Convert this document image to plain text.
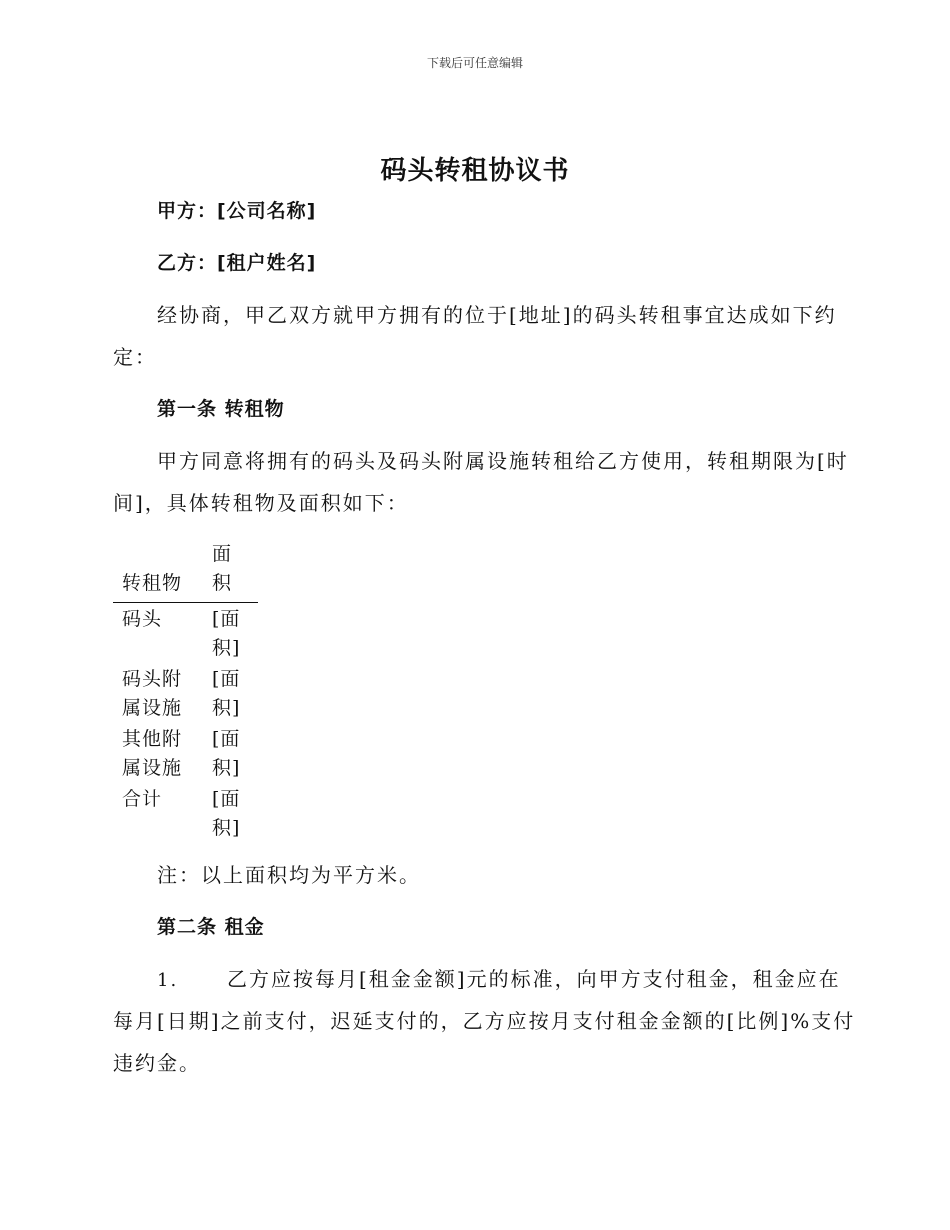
下载后可任意编辑
码头转租协议书
甲方：[公司名称]
乙方：[租户姓名]
经协商，甲乙双方就甲方拥有的位于[地址]的码头转租事宜达成如下约
定：
第一条 转租物
甲方同意将拥有的码头及码头附属设施转租给乙方使用，转租期限为[时
间]，具体转租物及面积如下：
转租物
面积
码头	[面积]
码头附属设施
[面积]
其他附属设施
[面积]
合计	[面积]
注：以上面积均为平方米。
第二条 租金
1. 乙方应按每月[租金金额]元的标准，向甲方支付租金，租金应在
每月[日期]之前支付，迟延支付的，乙方应按月支付租金金额的[比例]%支付
违约金。
